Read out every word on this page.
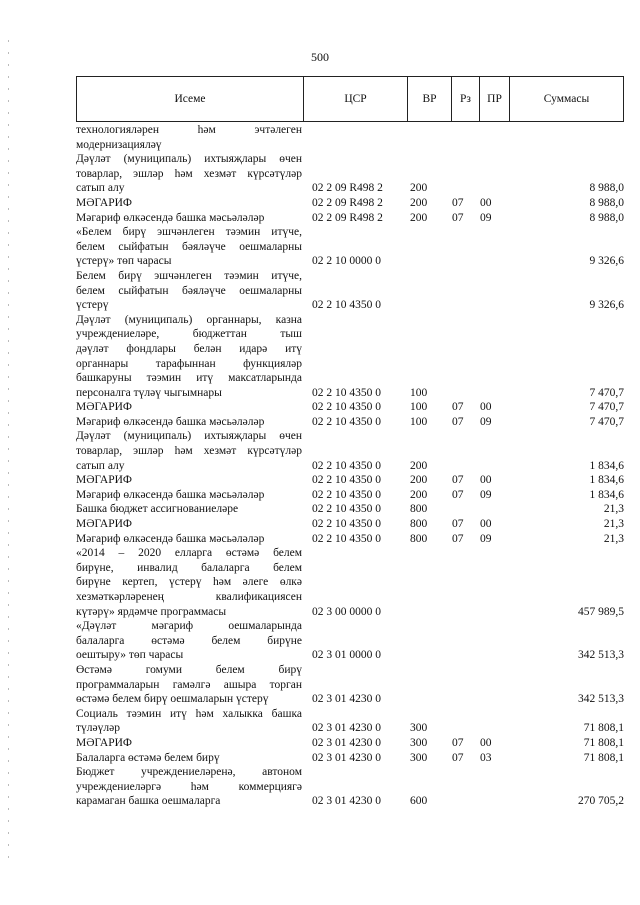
500
Исеме	ЦСР	ВР	Рз	ПР	Суммасы
технологияләрен һәм эчтәлеген
модернизацияләү
Дәүләт (муниципаль) ихтыяҗлары өчен
товарлар, эшләр һәм хезмәт күрсәтүләр
сатып алу	02 2 09 R498 2 200	8 988,0
МӘГАРИФ	02 2 09 R498 2 200 07 00	8 988,0
Мәгариф өлкәсендә башка мәсьәләләр	02 2 09 R498 2 200 07 09	8 988,0
«Белем бирү эшчәнлеген тәэмин итүче,
белем сыйфатын бәяләүче оешмаларны
үстерү» төп чарасы	02 2 10 0000 0	9 326,6
Белем бирү эшчәнлеген тәэмин итүче,
белем сыйфатын бәяләүче оешмаларны
үстерү	02 2 10 4350 0	9 326,6
Дәүләт (муниципаль) органнары, казна
учреждениеләре, бюджеттан тыш
дәүләт фондлары белән идарә итү
органнары тарафыннан функцияләр
башкаруны тәэмин итү максатларында
персоналга түләү чыгымнары	02 2 10 4350 0	100	7 470,7
МӘГАРИФ	02 2 10 4350 0	100 07 00	7 470,7
Мәгариф өлкәсендә башка мәсьәләләр	02 2 10 4350 0	100 07 09	7 470,7
Дәүләт (муниципаль) ихтыяҗлары өчен
товарлар, эшләр һәм хезмәт күрсәтүләр
сатып алу	02 2 10 4350 0	200	1 834,6
МӘГАРИФ	02 2 10 4350 0	200 07 00	1 834,6
Мәгариф өлкәсендә башка мәсьәләләр	02 2 10 4350 0	200 07 09	1 834,6
Башка бюджет ассигнованиеләре	02 2 10 4350 0	800	21,3
МӘГАРИФ	02 2 10 4350 0	800 07 00	21,3
Мәгариф өлкәсендә башка мәсьәләләр	02 2 10 4350 0	800 07 09	21,3
«2014 – 2020 елларга өстәмә белем
бирүне, инвалид балаларга белем
бирүне кертеп, үстерү һәм әлеге өлкә
хезмәткәрләренең квалификациясен
күтәрү» ярдәмче программасы	02 3 00 0000 0	457 989,5
«Дәүләт мәгариф оешмаларында
балаларга өстәмә белем бирүне
оештыру» төп чарасы	02 3 01 0000 0	342 513,3
Өстәмә гомуми белем бирү
программаларын гамәлгә ашыра торган
өстәмә белем бирү оешмаларын үстерү	02 3 01 4230 0	342 513,3
Социаль тәэмин итү һәм халыкка башка
түләүләр	02 3 01 4230 0	300	71 808,1
МӘГАРИФ	02 3 01 4230 0	300 07 00	71 808,1
Балаларга өстәмә белем бирү	02 3 01 4230 0	300 07 03	71 808,1
Бюджет учреждениеләренә, автоном
учреждениеләргә һәм коммерциягә
карамаган башка оешмаларга	02 3 01 4230 0	600	270 705,2
